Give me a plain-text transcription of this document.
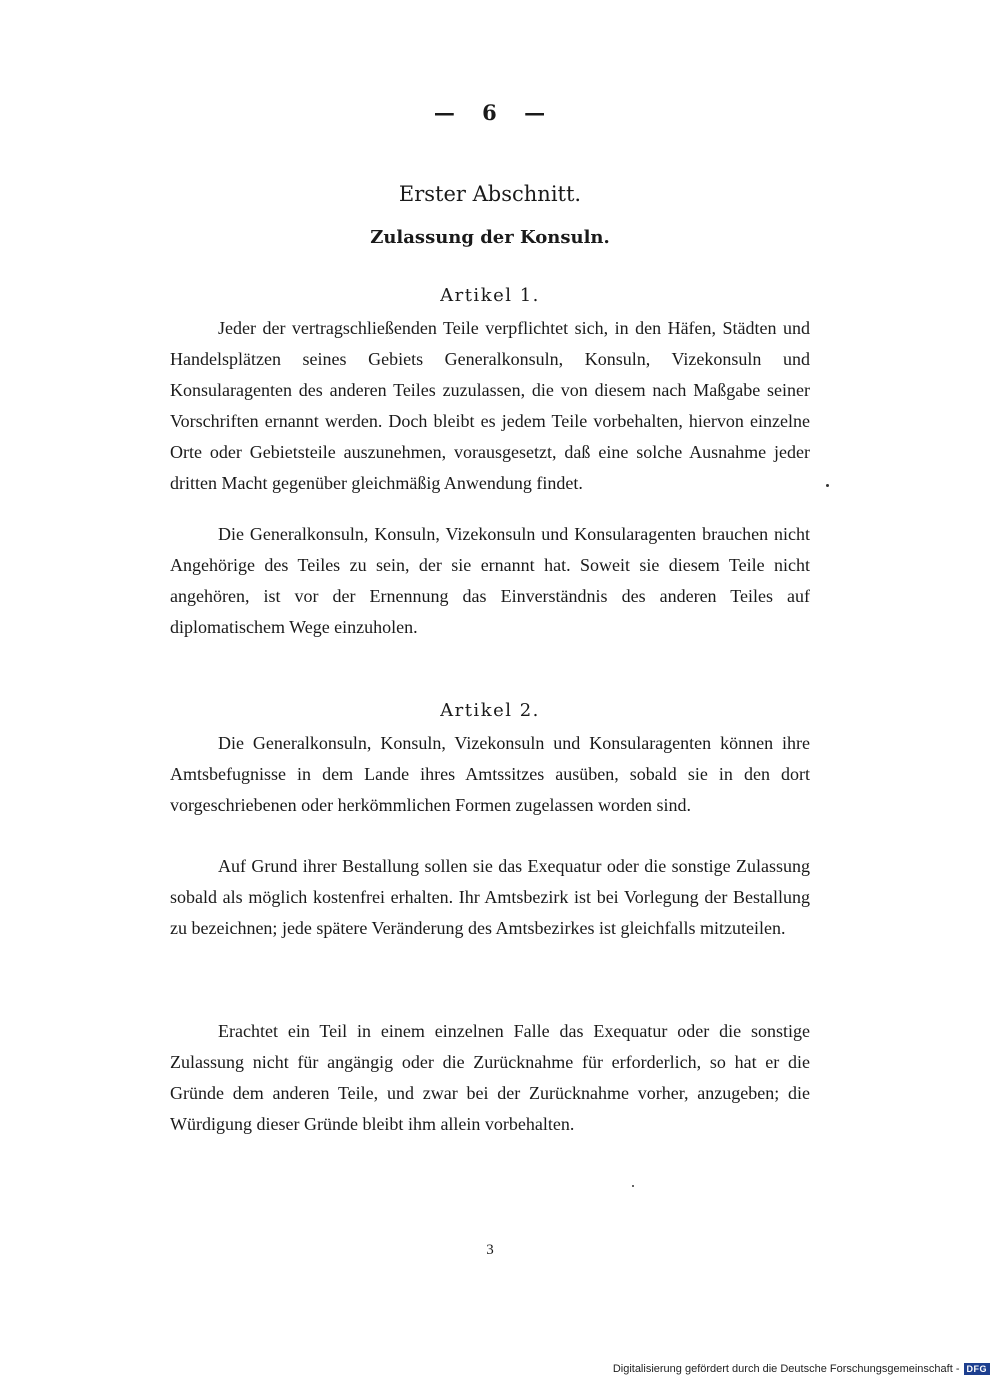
— 6 —
Erster Abschnitt.
Zulassung der Konsuln.
Artikel 1.

Jeder der vertragschließenden Teile verpflichtet sich, in den Häfen, Städten und Handelsplätzen seines Gebiets Generalkonsuln, Konsuln, Vizekonsuln und Konsularagenten des anderen Teiles zuzulassen, die von diesem nach Maßgabe seiner Vorschriften ernannt werden. Doch bleibt es jedem Teile vorbehalten, hiervon einzelne Orte oder Gebietsteile auszunehmen, vorausgesetzt, daß eine solche Ausnahme jeder dritten Macht gegenüber gleichmäßig Anwendung findet.

Die Generalkonsuln, Konsuln, Vizekonsuln und Konsularagenten brauchen nicht Angehörige des Teiles zu sein, der sie ernannt hat. Soweit sie diesem Teile nicht angehören, ist vor der Ernennung das Einverständnis des anderen Teiles auf diplomatischem Wege einzuholen.

Artikel 2.

Die Generalkonsuln, Konsuln, Vizekonsuln und Konsularagenten können ihre Amtsbefugnisse in dem Lande ihres Amtssitzes ausüben, sobald sie in den dort vorgeschriebenen oder herkömmlichen Formen zugelassen worden sind.

Auf Grund ihrer Bestallung sollen sie das Exequatur oder die sonstige Zulassung sobald als möglich kostenfrei erhalten. Ihr Amtsbezirk ist bei Vorlegung der Bestallung zu bezeichnen; jede spätere Veränderung des Amtsbezirkes ist gleichfalls mitzuteilen.

Erachtet ein Teil in einem einzelnen Falle das Exequatur oder die sonstige Zulassung nicht für angängig oder die Zurücknahme für erforderlich, so hat er die Gründe dem anderen Teile, und zwar bei der Zurücknahme vorher, anzugeben; die Würdigung dieser Gründe bleibt ihm allein vorbehalten.

3
Digitalisierung gefördert durch die Deutsche Forschungsgemeinschaft - DFG
